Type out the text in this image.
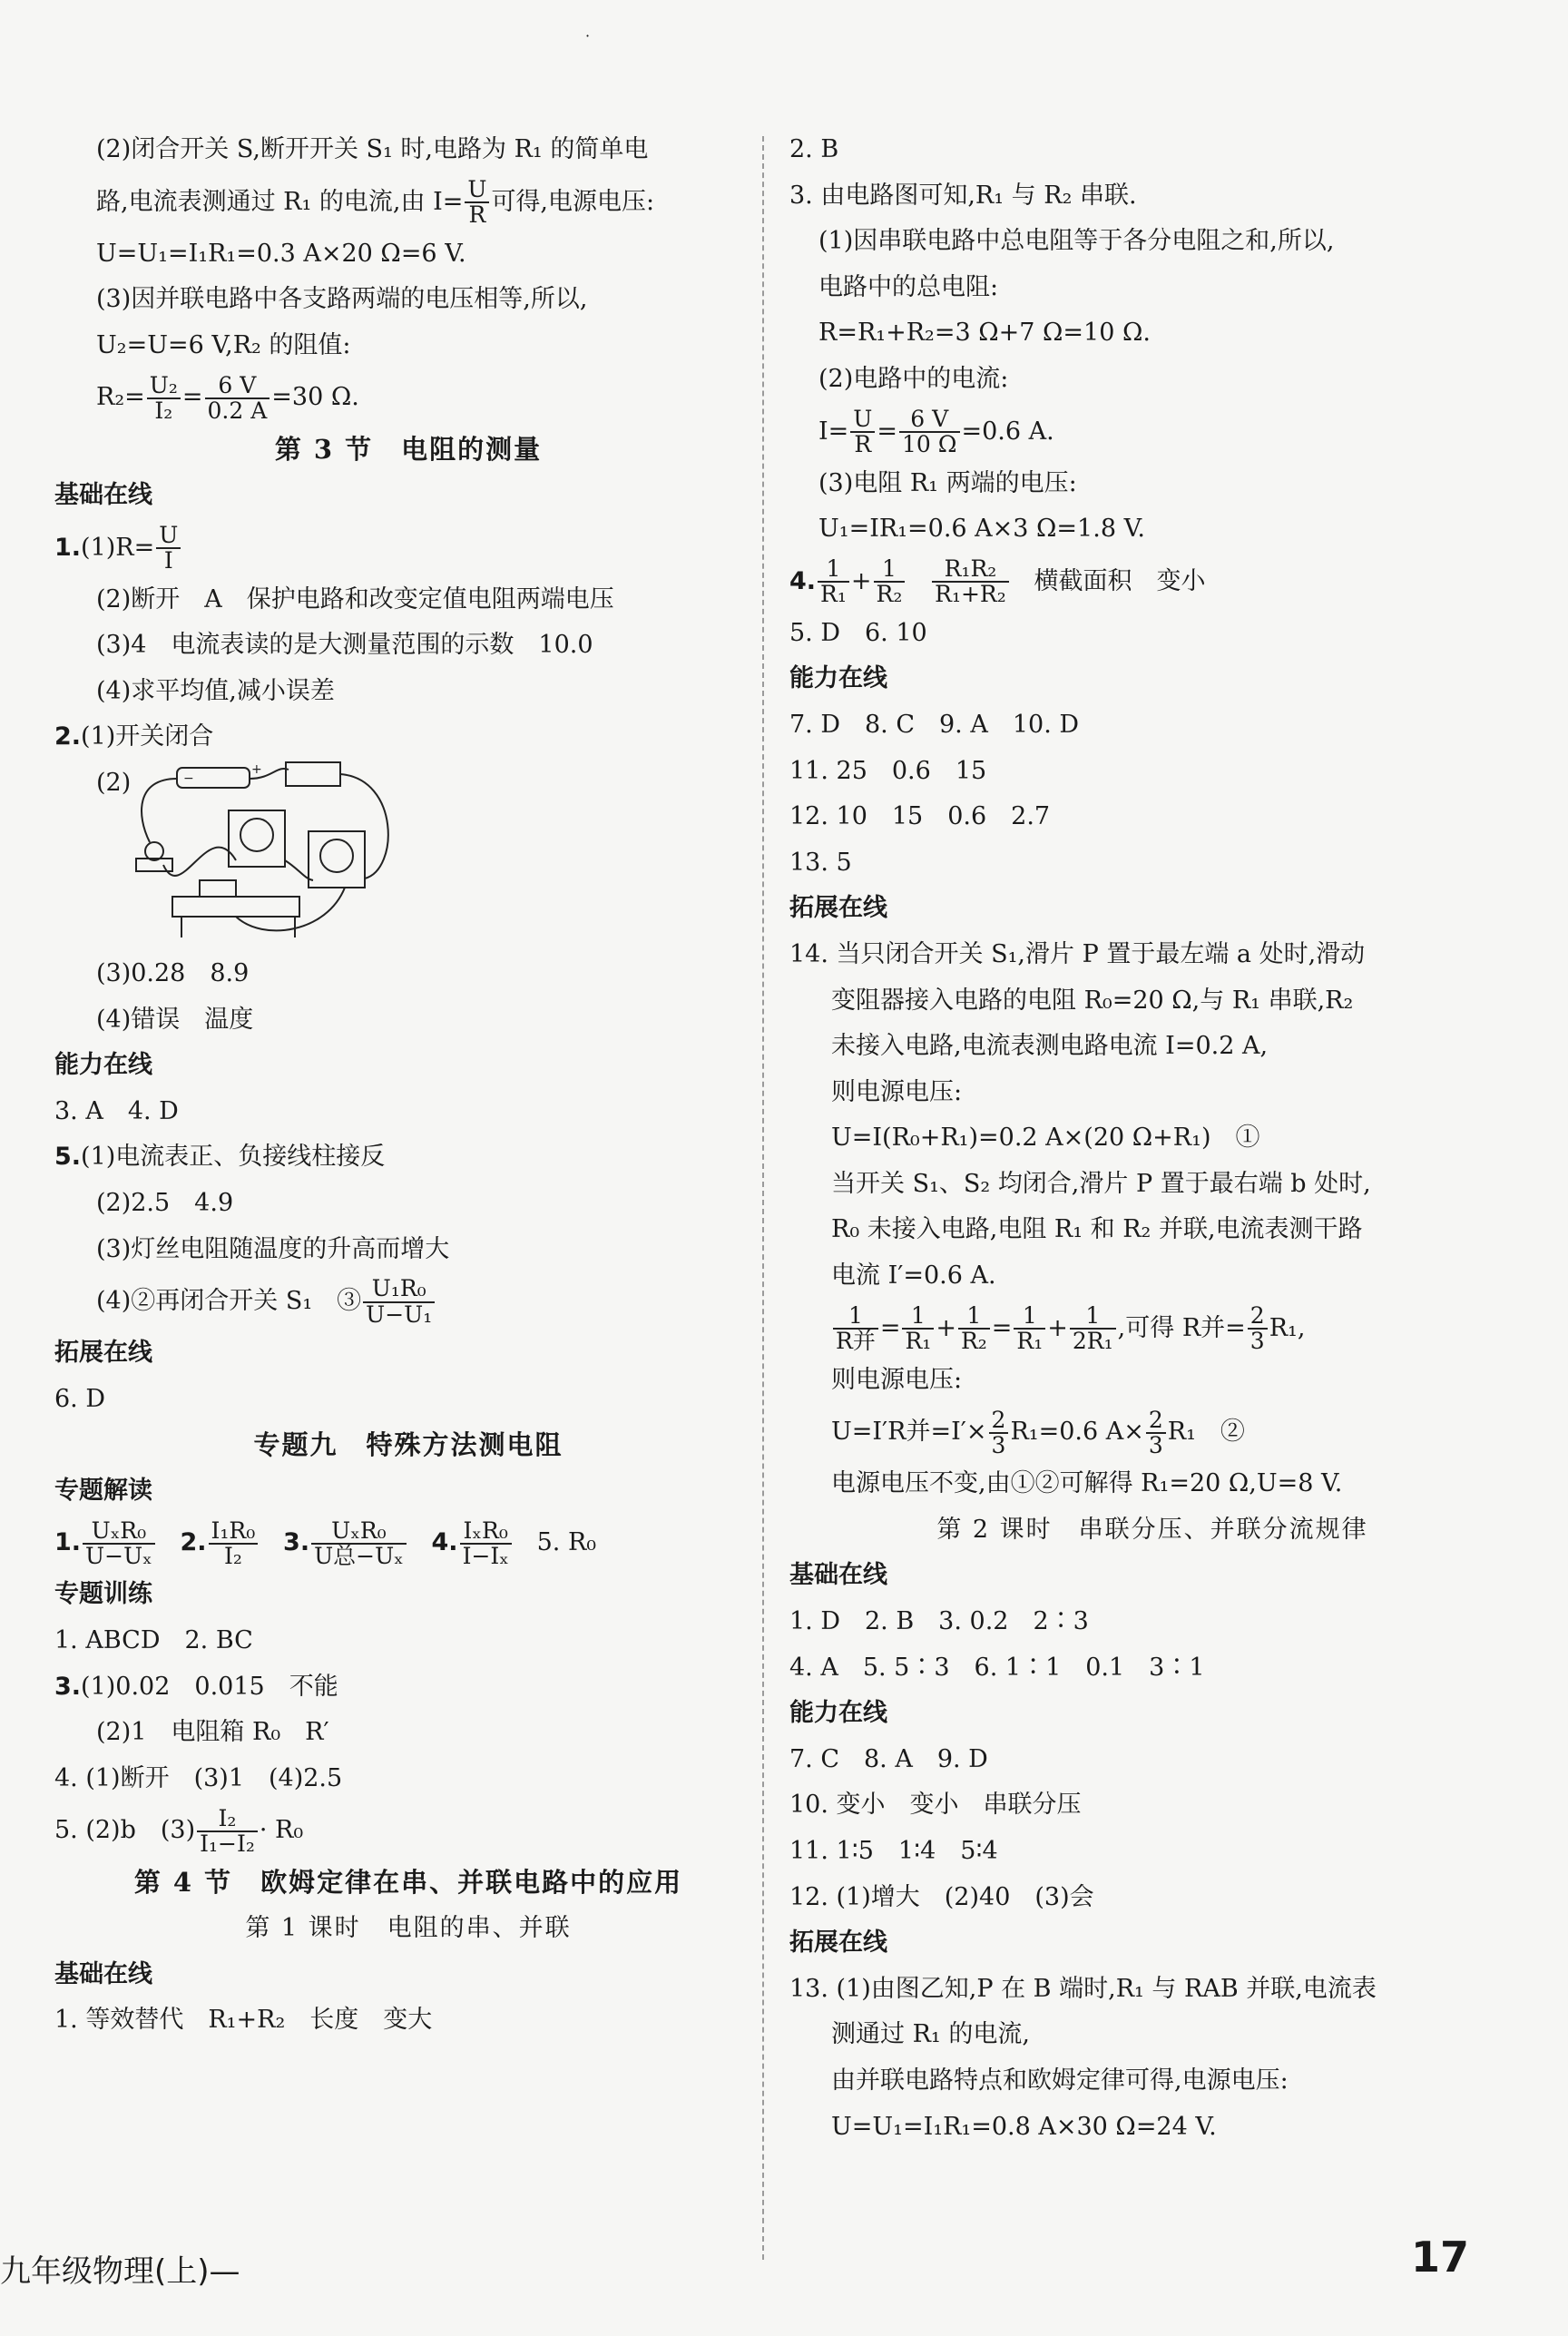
·
(2)闭合开关 S,断开开关 S₁ 时,电路为 R₁ 的简单电
路,电流表测通过 R₁ 的电流,由 $I= \frac{U}{R}$ 可得,电源电压:
U=U₁=I₁R₁=0.3 A×20 Ω=6 V.
(3)因并联电路中各支路两端的电压相等,所以,
U₂=U=6 V,R₂ 的阻值:
$R_2= \frac{\text{U₂}}{\text{I₂}} = \frac{6 V}{0.2 A} =30$ Ω.
第 3 节　电阻的测量
基础在线
$1.(1)R= \frac{U}{I}$
(2)断开　A　保护电路和改变定值电阻两端电压
(3)4　电流表读的是大测量范围的示数　10.0
(4)求平均值,减小误差
2.(1)开关闭合
(2)	−
+
(3)0.28　8.9
(4)错误　温度
能力在线
3. A　4. D
5.(1)电流表正、负接线柱接反
(2)2.5　4.9
(3)灯丝电阻随温度的升高而增大
(4)②再闭合开关 S₁　③ $\frac{\text{U₁R₀}}{\text{U−U₁}}$
拓展在线
6. D
专题九　特殊方法测电阻
专题解读
1. $\frac{\text{UₓR₀}}{\text{U−Uₓ}} 2$. $\frac{\text{I₁R₀}}{\text{I₂}} 3$. $\frac{\text{UₓR₀}}{\text{U总−Uₓ}} 4$. $\frac{\text{IₓR₀}}{\text{I−Iₓ}} 5$. R₀
专题训练
1. ABCD　2. BC
3.(1)0.02　0.015　不能
(2)1　电阻箱 R₀　R′
4. (1)断开　(3)1　(4)2.5
5. (2)b　$(3) \frac{\text{I₂}}{\text{I₁−I₂}} \cdot R_0$
第 4 节　欧姆定律在串、并联电路中的应用
第 1 课时　电阻的串、并联
基础在线
1. 等效替代　R₁+R₂　长度　变大
2. B
3. 由电路图可知,R₁ 与 R₂ 串联.
(1)因串联电路中总电阻等于各分电阻之和,所以,
电路中的总电阻:
R=R₁+R₂=3 Ω+7 Ω=10 Ω.
(2)电路中的电流:
$I= \frac{U}{R} = \frac{6 V}{10 \Omega} =0.6$ A.
(3)电阻 R₁ 两端的电压:
U₁=IR₁=0.6 A×3 Ω=1.8 V.
4. $\frac{1}{\text{R₁}} + \frac{1}{\text{R₂}}$
$\frac{\text{R₁R₂}}{\text{R₁+R₂}}$ 横截面积　变小
5. D　6. 10
能力在线
7. D　8. C　9. A　10. D
11. 25　0.6　15
12. 10　15　0.6　2.7
13. 5
拓展在线
14. 当只闭合开关 S₁,滑片 P 置于最左端 a 处时,滑动
变阻器接入电路的电阻 R₀=20 Ω,与 R₁ 串联,R₂
未接入电路,电流表测电路电流 I=0.2 A,
则电源电压:
U=I(R₀+R₁)=0.2 A×(20 Ω+R₁)　①
当开关 S₁、S₂ 均闭合,滑片 P 置于最右端 b 处时,
R₀ 未接入电路,电阻 R₁ 和 R₂ 并联,电流表测干路
电流 I′=0.6 A.
$\frac{1}{\text{R并}} = \frac{1}{\text{R₁}} + \frac{1}{\text{R₂}} = \frac{1}{\text{R₁}} + \frac{1}{\text{2R₁}}$ ,可得 R并= $\frac{2}{3} R_1$,
则电源电压:
U=I′R并$=I'\times \frac{2}{3} R_1=0.6$ $A\times \frac{2}{3} R_1$　②
电源电压不变,由①②可解得 R₁=20 Ω,U=8 V.
第 2 课时　串联分压、并联分流规律
基础在线
1. D　2. B　3. 0.2　2∶3
4. A　5. 5∶3　6. 1∶1　0.1　3∶1
能力在线
7. C　8. A　9. D
10. 变小　变小　串联分压
11. 1∶5　1∶4　5∶4
12. (1)增大　(2)40　(3)会
拓展在线
13. (1)由图乙知,P 在 B 端时,R₁ 与 RAB 并联,电流表
测通过 R₁ 的电流,
由并联电路特点和欧姆定律可得,电源电压:
U=U₁=I₁R₁=0.8 A×30 Ω=24 V.
九年级物理(上)—	17
